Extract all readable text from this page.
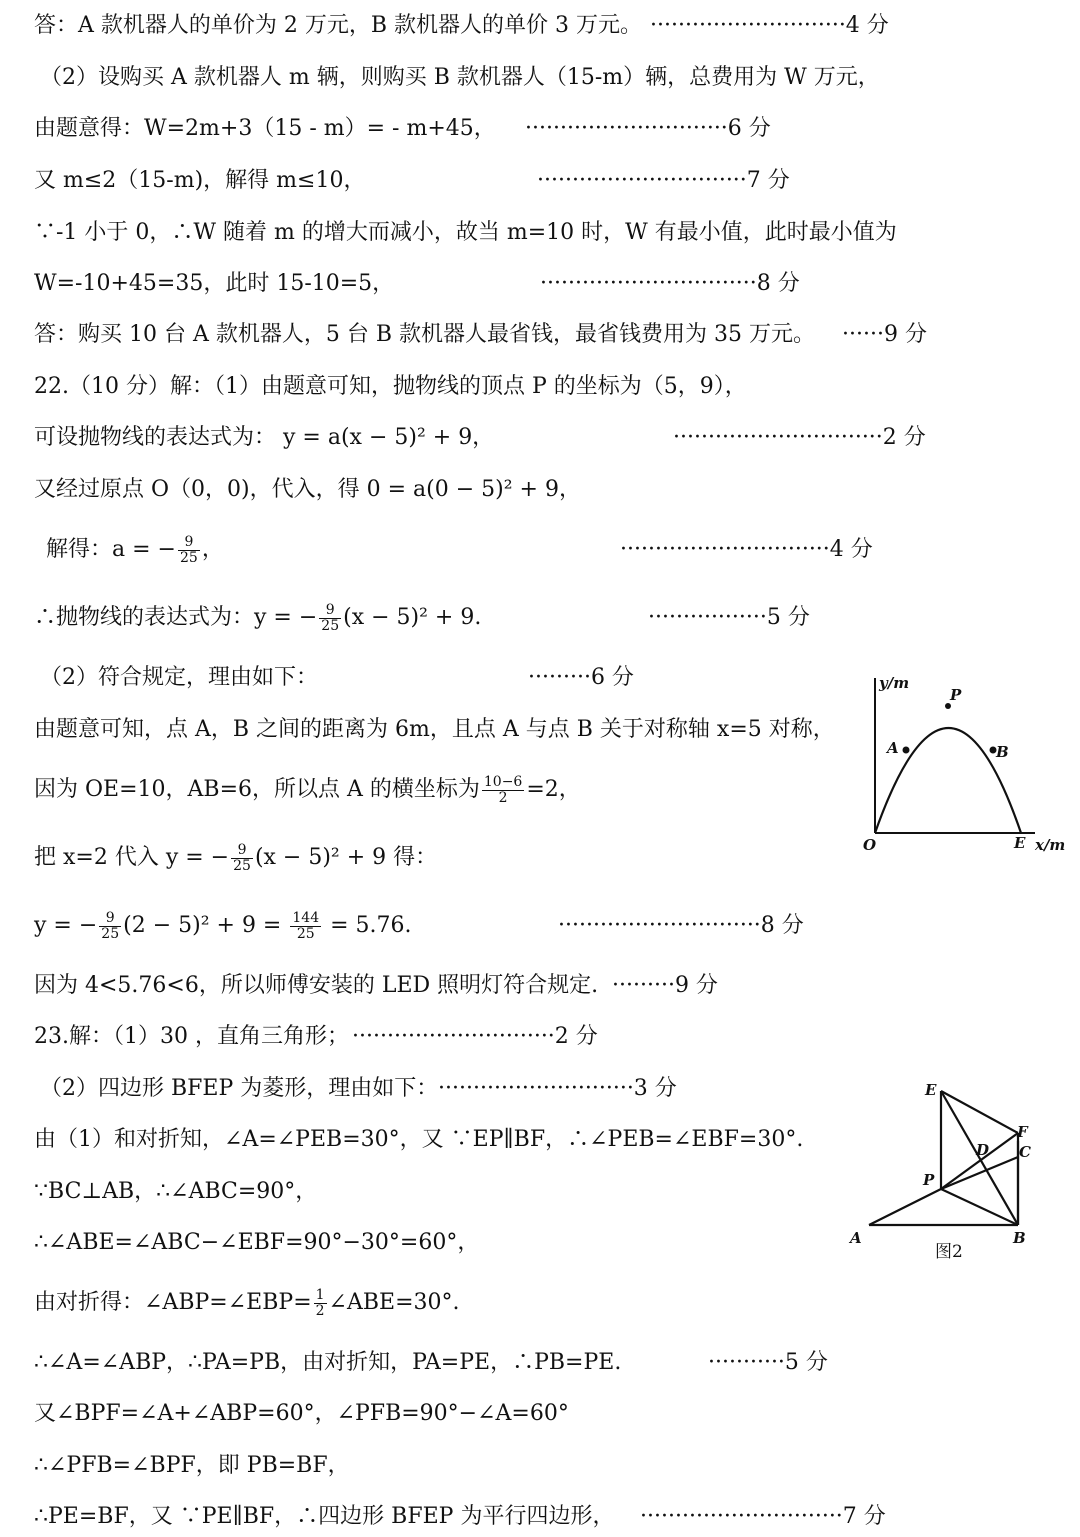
答：A 款机器人的单价为 2 万元，B 款机器人的单价 3 万元。 ····························4 分
（2）设购买 A 款机器人 m 辆，则购买 B 款机器人（15-m）辆，总费用为 W 万元，
由题意得：W=2m+3（15 - m）= - m+45， ·····························6 分
又 m≤2（15-m)，解得 m≤10，	······························7 分
∵-1 小于 0，∴W 随着 m 的增大而减小，故当 m=10 时，W 有最小值，此时最小值为
W=-10+45=35，此时 15-10=5，	·······························8 分
答：购买 10 台 A 款机器人，5 台 B 款机器人最省钱，最省钱费用为 35 万元。 ······9 分
22.（10 分）解：（1）由题意可知，抛物线的顶点 P 的坐标为（5，9），
可设抛物线的表达式为： y = a(x − 5)² + 9，	······························2 分
又经过原点 O（0，0)，代入，得 0 = a(0 − 5)² + 9，
解得：a = − $\frac{9}{25}$ ，	······························4 分
∴抛物线的表达式为：y = − $\frac{9}{25} (x - 5)^2 + 9$.	·················5 分
（2）符合规定，理由如下：	·········6 分
由题意可知，点 A，B 之间的距离为 6m，且点 A 与点 B 关于对称轴 x=5 对称，
因为 OE=10，AB=6，所以点 A 的横坐标为 $\frac{10-6}{2} =2$，
把 x=2 代入 y = − $\frac{9}{25} (x - 5)^2 + 9$ 得：
y = − $\frac{9}{25} (2 - 5)^2 + 9 = \frac{144}{25} = 5.76$.	·····························8 分
因为 4<5.76<6，所以师傅安装的 LED 照明灯符合规定. ·········9 分
23.解：（1）30 ，直角三角形； ·····························2 分
（2）四边形 BFEP 为菱形，理由如下： ····························3 分
由（1）和对折知，∠A=∠PEB=30°，又 ∵EP∥BF，∴∠PEB=∠EBF=30°.
∵BC⊥AB，∴∠ABC=90°，
∴∠ABE=∠ABC−∠EBF=90°−30°=60°，
由对折得：∠ABP=∠EBP= $\frac{1}{2}$ ∠ABE=30°.
∴∠A=∠ABP，∴PA=PB，由对折知，PA=PE，∴PB=PE.	···········5 分
又∠BPF=∠A+∠ABP=60°，∠PFB=90°−∠A=60°
∴∠PFB=∠BPF，即 PB=BF，
∴PE=BF，又 ∵PE∥BF，∴四边形 BFEP 为平行四边形， ·····························7 分
y/m
x/m
O
P
A	B
E
E
F
C
D
P
A	B
图2
